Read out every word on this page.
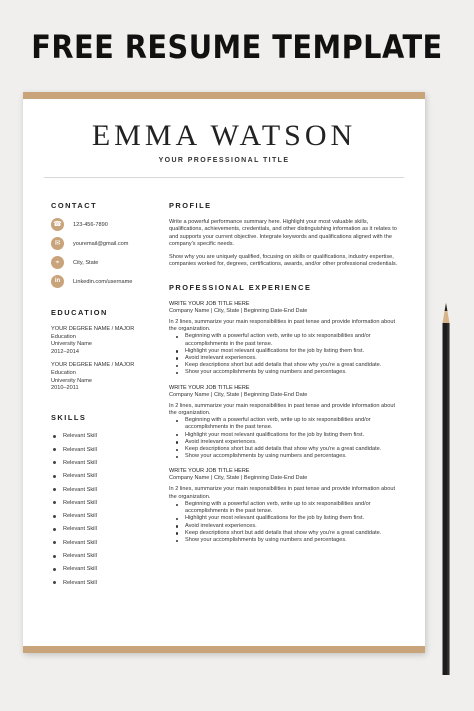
FREE RESUME TEMPLATE
EMMA WATSON
YOUR PROFESSIONAL TITLE
CONTACT
☎	123-456-7890
✉	youremail@gmail.com
⌖	City, State
in	Linkedin.com/username
EDUCATION
YOUR DEGREE NAME / MAJOR
Education
University Name
2012–2014
YOUR DEGREE NAME / MAJOR
Education
University Name
2010–2011
SKILLS
Relevant Skill
Relevant Skill
Relevant Skill
Relevant Skill
Relevant Skill
Relevant Skill
Relevant Skill
Relevant Skill
Relevant Skill
Relevant Skill
Relevant Skill
Relevant Skill
PROFILE

Write a powerful performance summary here. Highlight your most valuable skills, qualifications, achievements, credentials, and other distinguishing information as it relates to and supports your current objective. Integrate keywords and qualifications aligned with the company's specific needs.

Show why you are uniquely qualified, focusing on skills or qualifications, industry expertise, companies worked for, degrees, certifications, awards, and/or other professional credentials.

PROFESSIONAL EXPERIENCE
WRITE YOUR JOB TITLE HERE
Company Name | City, State | Beginning Date-End Date
In 2 lines, summarize your main responsibilities in past tense and provide information about the organization.
Beginning with a powerful action verb, write up to six responsibilities and/or accomplishments in the past tense.
Highlight your most relevant qualifications for the job by listing them first.
Avoid irrelevant experiences.
Keep descriptions short but add details that show why you're a great candidate.
Show your accomplishments by using numbers and percentages.
WRITE YOUR JOB TITLE HERE
Company Name | City, State | Beginning Date-End Date
In 2 lines, summarize your main responsibilities in past tense and provide information about the organization.
Beginning with a powerful action verb, write up to six responsibilities and/or accomplishments in the past tense.
Highlight your most relevant qualifications for the job by listing them first.
Avoid irrelevant experiences.
Keep descriptions short but add details that show why you're a great candidate.
Show your accomplishments by using numbers and percentages.
WRITE YOUR JOB TITLE HERE
Company Name | City, State | Beginning Date-End Date
In 2 lines, summarize your main responsibilities in past tense and provide information about the organization.
Beginning with a powerful action verb, write up to six responsibilities and/or accomplishments in the past tense.
Highlight your most relevant qualifications for the job by listing them first.
Avoid irrelevant experiences.
Keep descriptions short but add details that show why you're a great candidate.
Show your accomplishments by using numbers and percentages.
